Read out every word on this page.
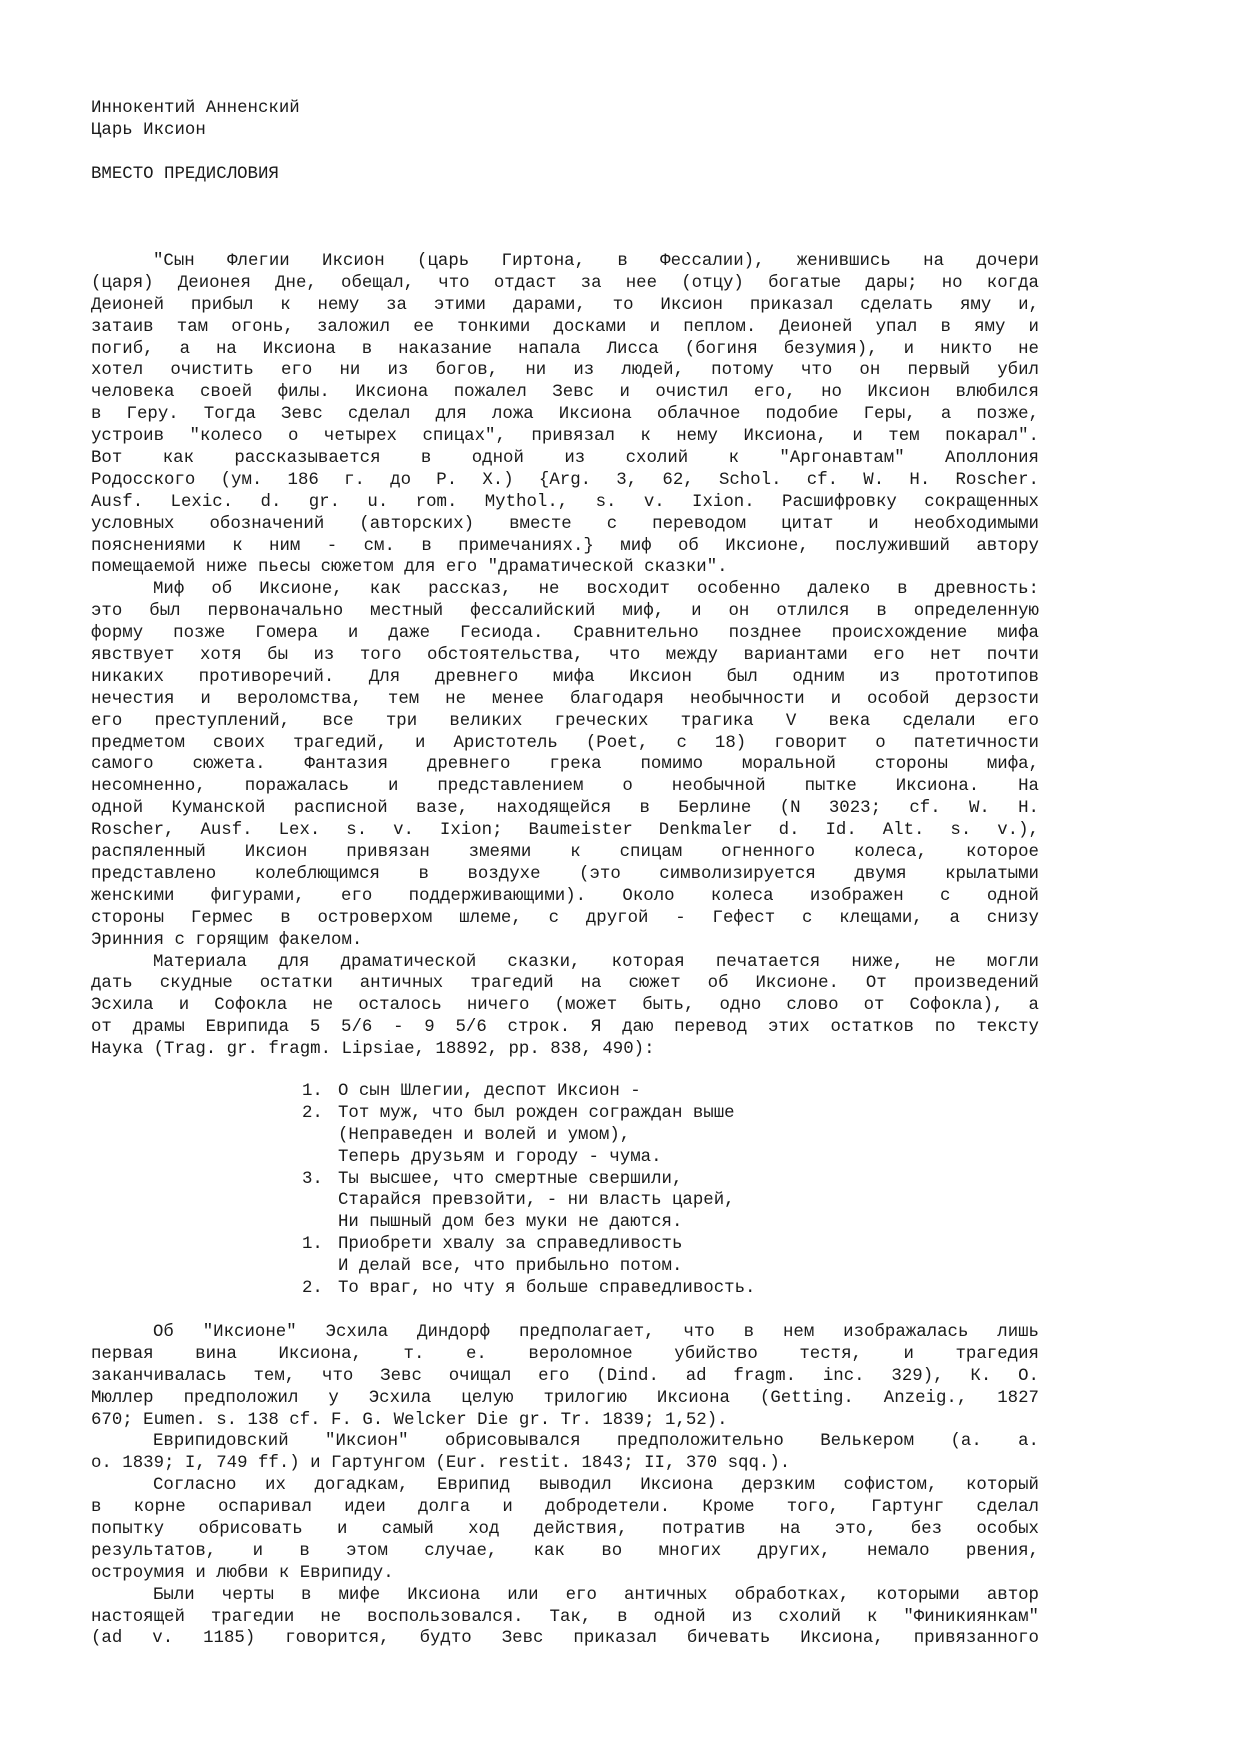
Иннокентий Анненский
Царь Иксион
ВМЕСТО ПРЕДИСЛОВИЯ
"Сын Флегии Иксион (царь Гиртона, в Фессалии), женившись на дочери
(царя) Деионея Дне, обещал, что отдаст за нее (отцу) богатые дары; но когда
Деионей прибыл к нему за этими дарами, то Иксион приказал сделать яму и,
затаив там огонь, заложил ее тонкими досками и пеплом. Деионей упал в яму и
погиб, а на Иксиона в наказание напала Лисса (богиня безумия), и никто не
хотел очистить его ни из богов, ни из людей, потому что он первый убил
человека своей филы. Иксиона пожалел Зевс и очистил его, но Иксион влюбился
в Геру. Тогда Зевс сделал для ложа Иксиона облачное подобие Геры, а позже,
устроив "колесо о четырех спицах", привязал к нему Иксиона, и тем покарал".
Вот как рассказывается в одной из схолий к "Аргонавтам" Аполлония
Родосского (ум. 186 г. до Р. Х.) {Arg. 3, 62, Schol. cf. W. H. Roscher.
Ausf. Lexic. d. gr. u. rom. Mythol., s. v. Ixion. Расшифровку сокращенных
условных обозначений (авторских) вместе с переводом цитат и необходимыми
пояснениями к ним - см. в примечаниях.} миф об Иксионе, послуживший автору
помещаемой ниже пьесы сюжетом для его "драматической сказки".
Миф об Иксионе, как рассказ, не восходит особенно далеко в древность:
это был первоначально местный фессалийский миф, и он отлился в определенную
форму позже Гомера и даже Гесиода. Сравнительно позднее происхождение мифа
явствует хотя бы из того обстоятельства, что между вариантами его нет почти
никаких противоречий. Для древнего мифа Иксион был одним из прототипов
нечестия и вероломства, тем не менее благодаря необычности и особой дерзости
его преступлений, все три великих греческих трагика V века сделали его
предметом своих трагедий, и Аристотель (Poet, с 18) говорит о патетичности
самого сюжета. Фантазия древнего грека помимо моральной стороны мифа,
несомненно, поражалась и представлением о необычной пытке Иксиона. На
одной Куманской расписной вазе, находящейся в Берлине (N 3023; cf. W. H.
Roscher, Ausf. Lex. s. v. Ixion; Baumeister Denkmaler d. Id. Alt. s. v.),
распяленный Иксион привязан змеями к спицам огненного колеса, которое
представлено колеблющимся в воздухе (это символизируется двумя крылатыми
женскими фигурами, его поддерживающими). Около колеса изображен с одной
стороны Гермес в островерхом шлеме, с другой - Гефест с клещами, а снизу
Эринния с горящим факелом.
Материала для драматической сказки, которая печатается ниже, не могли
дать скудные остатки античных трагедий на сюжет об Иксионе. От произведений
Эсхила и Софокла не осталось ничего (может быть, одно слово от Софокла), а
от драмы Еврипида 5 5/6 - 9 5/6 строк. Я даю перевод этих остатков по тексту
Наука (Trag. gr. fragm. Lipsiae, 18892, pp. 838, 490):
1. О сын Шлегии, деспот Иксион -
2. Тот муж, что был рожден сограждан выше
(Неправеден и волей и умом),
Теперь друзьям и городу - чума.
3. Ты высшее, что смертные свершили,
Старайся превзойти, - ни власть царей,
Ни пышный дом без муки не даются.
1. Приобрети хвалу за справедливость
И делай все, что прибыльно потом.
2. То враг, но чту я больше справедливость.
Об "Иксионе" Эсхила Диндорф предполагает, что в нем изображалась лишь
первая вина Иксиона, т. е. вероломное убийство тестя, и трагедия
заканчивалась тем, что Зевс очищал его (Dind. ad fragm. inc. 329), К. О.
Мюллер предположил у Эсхила целую трилогию Иксиона (Getting. Anzeig., 1827
670; Eumen. s. 138 cf. F. G. Welcker Die gr. Tr. 1839; 1,52).
Еврипидовский "Иксион" обрисовывался предположительно Велькером (a. a.
o. 1839; I, 749 ff.) и Гартунгом (Eur. restit. 1843; II, 370 sqq.).
Согласно их догадкам, Еврипид выводил Иксиона дерзким софистом, который
в корне оспаривал идеи долга и добродетели. Кроме того, Гартунг сделал
попытку обрисовать и самый ход действия, потратив на это, без особых
результатов, и в этом случае, как во многих других, немало рвения,
остроумия и любви к Еврипиду.
Были черты в мифе Иксиона или его античных обработках, которыми автор
настоящей трагедии не воспользовался. Так, в одной из схолий к "Финикиянкам"
(ad v. 1185) говорится, будто Зевс приказал бичевать Иксиона, привязанного
